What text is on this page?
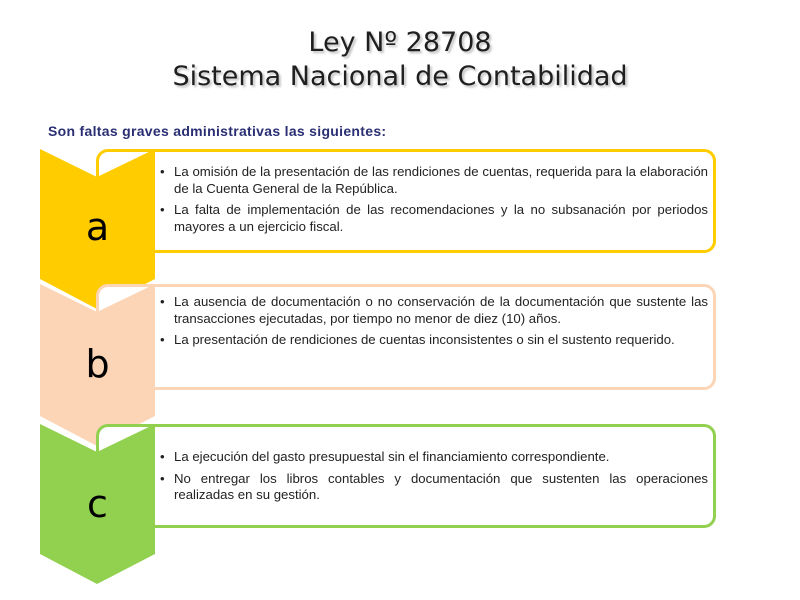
Ley Nº 28708
Sistema Nacional de Contabilidad
Son faltas graves administrativas las siguientes:
a
• La omisión de la presentación de las rendiciones de cuentas, requerida para la elaboración de la Cuenta General de la República.
• La falta de implementación de las recomendaciones y la no subsanación por periodos mayores a un ejercicio fiscal.
b
• La ausencia de documentación o no conservación de la documentación que sustente las transacciones ejecutadas, por tiempo no menor de diez (10) años.
• La presentación de rendiciones de cuentas inconsistentes o sin el sustento requerido.
c
• La ejecución del gasto presupuestal sin el financiamiento correspondiente.
• No entregar los libros contables y documentación que sustenten las operaciones realizadas en su gestión.
